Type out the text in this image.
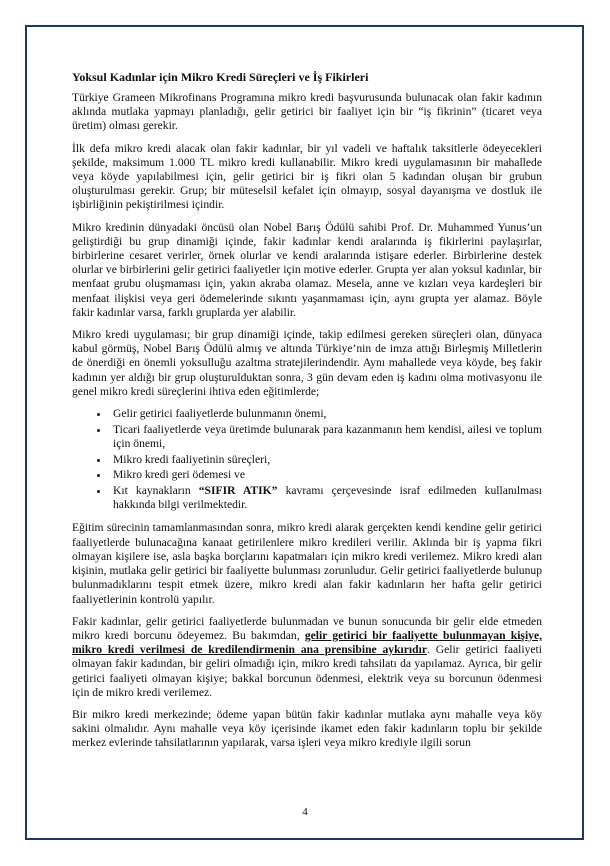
Yoksul Kadınlar için Mikro Kredi Süreçleri ve İş Fikirleri

Türkiye Grameen Mikrofinans Programına mikro kredi başvurusunda bulunacak olan fakir kadının aklında mutlaka yapmayı planladığı, gelir getirici bir faaliyet için bir “iş fikrinin” (ticaret veya üretim) olması gerekir.

İlk defa mikro kredi alacak olan fakir kadınlar, bir yıl vadeli ve haftalık taksitlerle ödeyecekleri şekilde, maksimum 1.000 TL mikro kredi kullanabilir. Mikro kredi uygulamasının bir mahallede veya köyde yapılabilmesi için, gelir getirici bir iş fikri olan 5 kadından oluşan bir grubun oluşturulması gerekir. Grup; bir müteselsil kefalet için olmayıp, sosyal dayanışma ve dostluk ile işbirliğinin pekiştirilmesi içindir.

Mikro kredinin dünyadaki öncüsü olan Nobel Barış Ödülü sahibi Prof. Dr. Muhammed Yunus’un geliştirdiği bu grup dinamiği içinde, fakir kadınlar kendi aralarında iş fikirlerini paylaşırlar, birbirlerine cesaret verirler, örnek olurlar ve kendi aralarında istişare ederler. Birbirlerine destek olurlar ve birbirlerini gelir getirici faaliyetler için motive ederler. Grupta yer alan yoksul kadınlar, bir menfaat grubu oluşmaması için, yakın akraba olamaz. Mesela, anne ve kızları veya kardeşleri bir menfaat ilişkisi veya geri ödemelerinde sıkıntı yaşanmaması için, aynı grupta yer alamaz. Böyle fakir kadınlar varsa, farklı gruplarda yer alabilir.

Mikro kredi uygulaması; bir grup dinamiği içinde, takip edilmesi gereken süreçleri olan, dünyaca kabul görmüş, Nobel Barış Ödülü almış ve altında Türkiye’nin de imza attığı Birleşmiş Milletlerin de önerdiği en önemli yoksulluğu azaltma stratejilerindendir. Aynı mahallede veya köyde, beş fakir kadının yer aldığı bir grup oluşturulduktan sonra, 3 gün devam eden iş kadını olma motivasyonu ile genel mikro kredi süreçlerini ihtiva eden eğitimlerde;

• Gelir getirici faaliyetlerde bulunmanın önemi,
• Ticari faaliyetlerde veya üretimde bulunarak para kazanmanın hem kendisi, ailesi ve toplum için önemi,
• Mikro kredi faaliyetinin süreçleri,
• Mikro kredi geri ödemesi ve
• Kıt kaynakların “SIFIR ATIK” kavramı çerçevesinde israf edilmeden kullanılması hakkında bilgi verilmektedir.

Eğitim sürecinin tamamlanmasından sonra, mikro kredi alarak gerçekten kendi kendine gelir getirici faaliyetlerde bulunacağına kanaat getirilenlere mikro kredileri verilir. Aklında bir iş yapma fikri olmayan kişilere ise, asla başka borçlarını kapatmaları için mikro kredi verilemez. Mikro kredi alan kişinin, mutlaka gelir getirici bir faaliyette bulunması zorunludur. Gelir getirici faaliyetlerde bulunup bulunmadıklarını tespit etmek üzere, mikro kredi alan fakir kadınların her hafta gelir getirici faaliyetlerinin kontrolü yapılır.

Fakir kadınlar, gelir getirici faaliyetlerde bulunmadan ve bunun sonucunda bir gelir elde etmeden mikro kredi borcunu ödeyemez. Bu bakımdan, gelir getirici bir faaliyette bulunmayan kişiye, mikro kredi verilmesi de kredilendirmenin ana prensibine aykırıdır. Gelir getirici faaliyeti olmayan fakir kadından, bir geliri olmadığı için, mikro kredi tahsilatı da yapılamaz. Ayrıca, bir gelir getirici faaliyeti olmayan kişiye; bakkal borcunun ödenmesi, elektrik veya su borcunun ödenmesi için de mikro kredi verilemez.

Bir mikro kredi merkezinde; ödeme yapan bütün fakir kadınlar mutlaka aynı mahalle veya köy sakini olmalıdır. Aynı mahalle veya köy içerisinde ikamet eden fakir kadınların toplu bir şekilde merkez evlerinde tahsilatlarının yapılarak, varsa işleri veya mikro krediyle ilgili sorun

4
